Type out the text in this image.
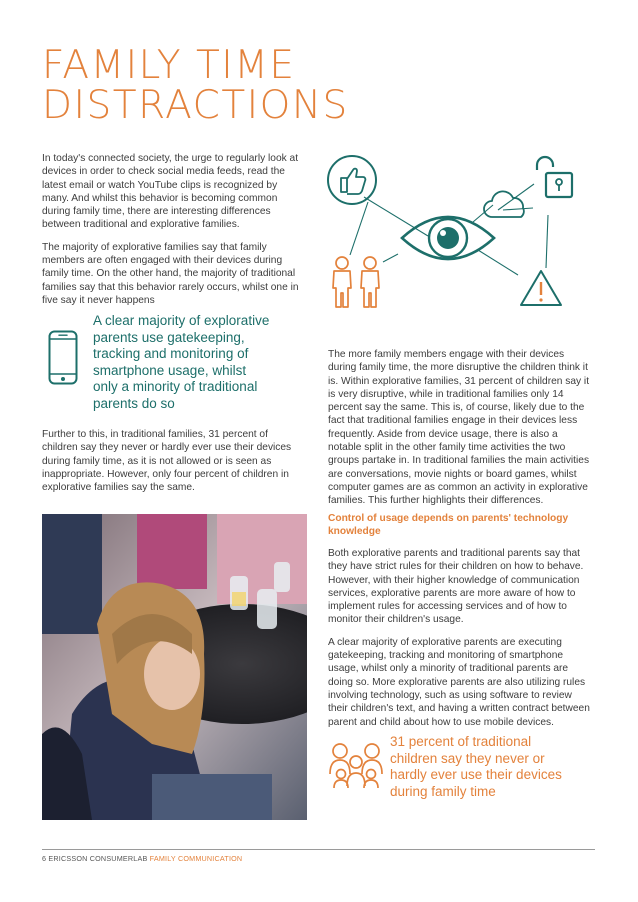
FAMILY TIME
DISTRACTIONS

In today's connected society, the urge to regularly look at devices in order to check social media feeds, read the latest email or watch YouTube clips is recognized by many. And whilst this behavior is becoming common during family time, there are interesting differences between traditional and explorative families.

The majority of explorative families say that family members are often engaged with their devices during family time. On the other hand, the majority of traditional families say that this behavior rarely occurs, whilst one in five say it never happens

A clear majority of explorative parents use gatekeeping, tracking and monitoring of smartphone usage, whilst only a minority of traditional parents do so
Further to this, in traditional families, 31 percent of children say they never or hardly ever use their devices during family time, as it is not allowed or is seen as inappropriate. However, only four percent of children in explorative families say the same.
The more family members engage with their devices during family time, the more disruptive the children think it is. Within explorative families, 31 percent of children say it is very disruptive, while in traditional families only 14 percent say the same. This is, of course, likely due to the fact that traditional families engage in their devices less frequently. Aside from device usage, there is also a notable split in the other family time activities the two groups partake in. In traditional families the main activities are conversations, movie nights or board games, whilst computer games are as common an activity in explorative families. This further highlights their differences.

Control of usage depends on parents' technology knowledge

Both explorative parents and traditional parents say that they have strict rules for their children on how to behave. However, with their higher knowledge of communication services, explorative parents are more aware of how to implement rules for accessing services and of how to monitor their children's usage.

A clear majority of explorative parents are executing gatekeeping, tracking and monitoring of smartphone usage, whilst only a minority of traditional parents are doing so. More explorative parents are also utilizing rules involving technology, such as using software to review their children's text, and having a written contract between parent and child about how to use mobile devices.

31 percent of traditional children say they never or hardly ever use their devices during family time
6 ERICSSON CONSUMERLAB FAMILY COMMUNICATION
